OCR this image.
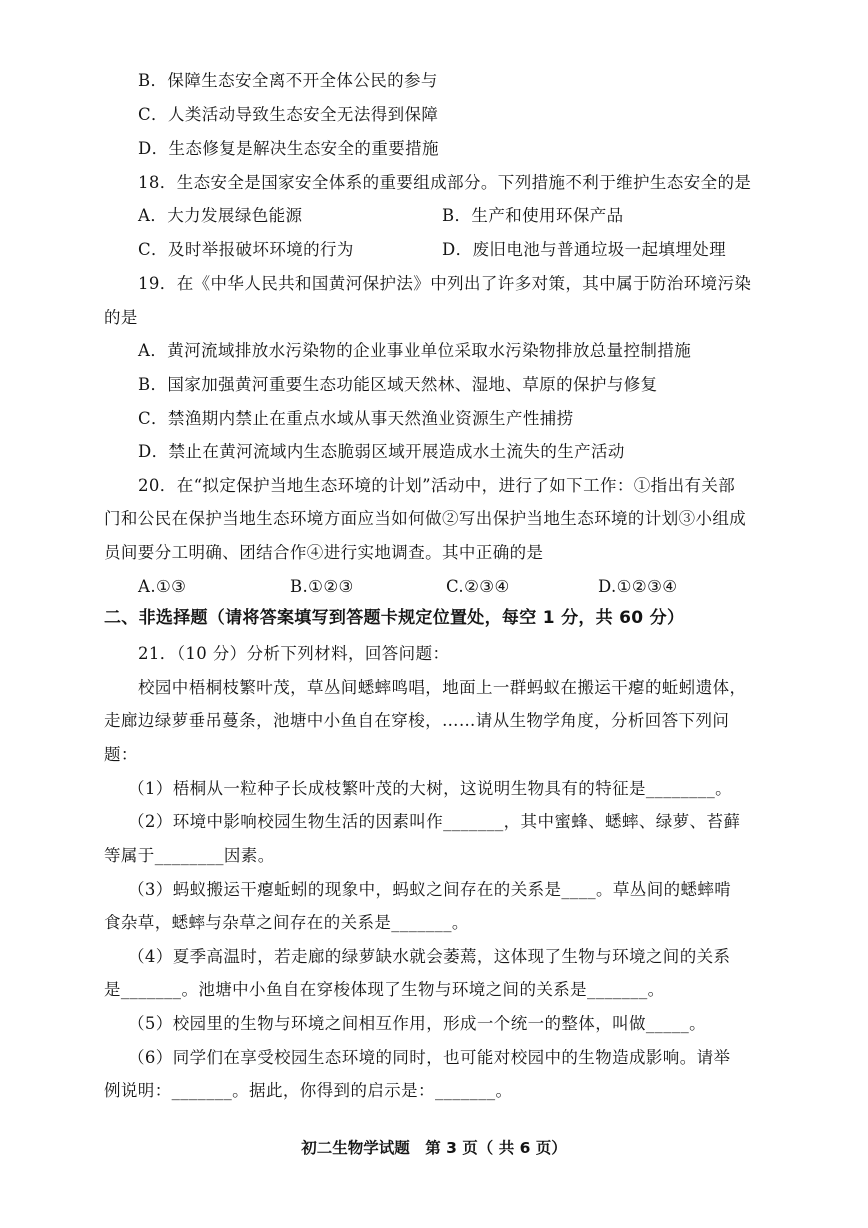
B．保障生态安全离不开全体公民的参与
C．人类活动导致生态安全无法得到保障
D．生态修复是解决生态安全的重要措施
18．生态安全是国家安全体系的重要组成部分。下列措施不利于维护生态安全的是
A．大力发展绿色能源	B．生产和使用环保产品
C．及时举报破坏环境的行为	D．废旧电池与普通垃圾一起填埋处理
19．在《中华人民共和国黄河保护法》中列出了许多对策，其中属于防治环境污染
的是
A．黄河流域排放水污染物的企业事业单位采取水污染物排放总量控制措施
B．国家加强黄河重要生态功能区域天然林、湿地、草原的保护与修复
C．禁渔期内禁止在重点水域从事天然渔业资源生产性捕捞
D．禁止在黄河流域内生态脆弱区域开展造成水土流失的生产活动
20．在“拟定保护当地生态环境的计划”活动中，进行了如下工作：①指出有关部
门和公民在保护当地生态环境方面应当如何做②写出保护当地生态环境的计划③小组成
员间要分工明确、团结合作④进行实地调查。其中正确的是
A.①③	B.①②③	C.②③④	D.①②③④
二、非选择题（请将答案填写到答题卡规定位置处，每空 1 分，共 60 分）
21．（10 分）分析下列材料，回答问题：
校园中梧桐枝繁叶茂，草丛间蟋蟀鸣唱，地面上一群蚂蚁在搬运干瘪的蚯蚓遗体，
走廊边绿萝垂吊蔓条，池塘中小鱼自在穿梭，……请从生物学角度，分析回答下列问
题：
（1）梧桐从一粒种子长成枝繁叶茂的大树，这说明生物具有的特征是________。
（2）环境中影响校园生物生活的因素叫作_______，其中蜜蜂、蟋蟀、绿萝、苔藓
等属于________因素。
（3）蚂蚁搬运干瘪蚯蚓的现象中，蚂蚁之间存在的关系是____。草丛间的蟋蟀啃
食杂草，蟋蟀与杂草之间存在的关系是_______。
（4）夏季高温时，若走廊的绿萝缺水就会萎蔫，这体现了生物与环境之间的关系
是_______。池塘中小鱼自在穿梭体现了生物与环境之间的关系是_______。
（5）校园里的生物与环境之间相互作用，形成一个统一的整体，叫做_____。
（6）同学们在享受校园生态环境的同时，也可能对校园中的生物造成影响。请举
例说明：_______。据此，你得到的启示是：_______。
初二生物学试题　第 3 页（ 共 6 页）
